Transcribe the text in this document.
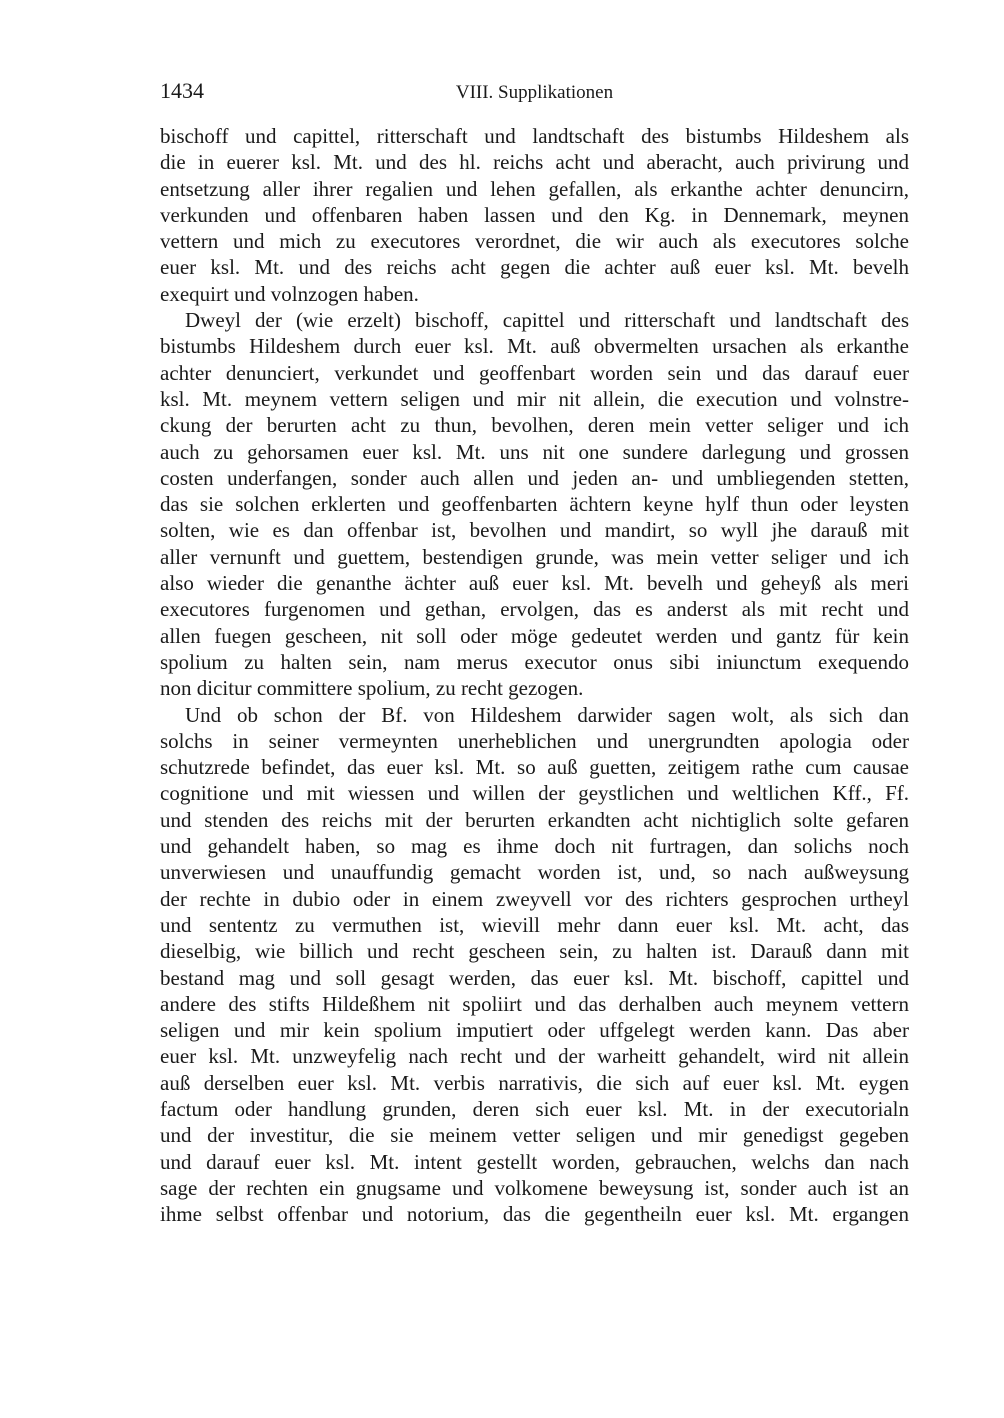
1434	VIII. Supplikationen
bischoff und capittel, ritterschaft und landtschaft des bistumbs Hildeshem als
die in euerer ksl. Mt. und des hl. reichs acht und aberacht, auch privirung und
entsetzung aller ihrer regalien und lehen gefallen, als erkanthe achter denuncirn,
verkunden und offenbaren haben lassen und den Kg. in Dennemark, meynen
vettern und mich zu executores verordnet, die wir auch als executores solche
euer ksl. Mt. und des reichs acht gegen die achter auß euer ksl. Mt. bevelh
exequirt und volnzogen haben.
Dweyl der (wie erzelt) bischoff, capittel und ritterschaft und landtschaft des
bistumbs Hildeshem durch euer ksl. Mt. auß obvermelten ursachen als erkanthe
achter denunciert, verkundet und geoffenbart worden sein und das darauf euer
ksl. Mt. meynem vettern seligen und mir nit allein, die execution und volnstre-
ckung der berurten acht zu thun, bevolhen, deren mein vetter seliger und ich
auch zu gehorsamen euer ksl. Mt. uns nit one sundere darlegung und grossen
costen underfangen, sonder auch allen und jeden an- und umbliegenden stetten,
das sie solchen erklerten und geoffenbarten ächtern keyne hylf thun oder leysten
solten, wie es dan offenbar ist, bevolhen und mandirt, so wyll jhe darauß mit
aller vernunft und guettem, bestendigen grunde, was mein vetter seliger und ich
also wieder die genanthe ächter auß euer ksl. Mt. bevelh und geheyß als meri
executores furgenomen und gethan, ervolgen, das es anderst als mit recht und
allen fuegen gescheen, nit soll oder möge gedeutet werden und gantz für kein
spolium zu halten sein, nam merus executor onus sibi iniunctum exequendo
non dicitur committere spolium, zu recht gezogen.
Und ob schon der Bf. von Hildeshem darwider sagen wolt, als sich dan
solchs in seiner vermeynten unerheblichen und unergrundten apologia oder
schutzrede befindet, das euer ksl. Mt. so auß guetten, zeitigem rathe cum causae
cognitione und mit wiessen und willen der geystlichen und weltlichen Kff., Ff.
und stenden des reichs mit der berurten erkandten acht nichtiglich solte gefaren
und gehandelt haben, so mag es ihme doch nit furtragen, dan solichs noch
unverwiesen und unauffundig gemacht worden ist, und, so nach außweysung
der rechte in dubio oder in einem zweyvell vor des richters gesprochen urtheyl
und sententz zu vermuthen ist, wievill mehr dann euer ksl. Mt. acht, das
dieselbig, wie billich und recht gescheen sein, zu halten ist. Darauß dann mit
bestand mag und soll gesagt werden, das euer ksl. Mt. bischoff, capittel und
andere des stifts Hildeßhem nit spoliirt und das derhalben auch meynem vettern
seligen und mir kein spolium imputiert oder uffgelegt werden kann. Das aber
euer ksl. Mt. unzweyfelig nach recht und der warheitt gehandelt, wird nit allein
auß derselben euer ksl. Mt. verbis narrativis, die sich auf euer ksl. Mt. eygen
factum oder handlung grunden, deren sich euer ksl. Mt. in der executorialn
und der investitur, die sie meinem vetter seligen und mir genedigst gegeben
und darauf euer ksl. Mt. intent gestellt worden, gebrauchen, welchs dan nach
sage der rechten ein gnugsame und volkomene beweysung ist, sonder auch ist an
ihme selbst offenbar und notorium, das die gegentheiln euer ksl. Mt. ergangen
